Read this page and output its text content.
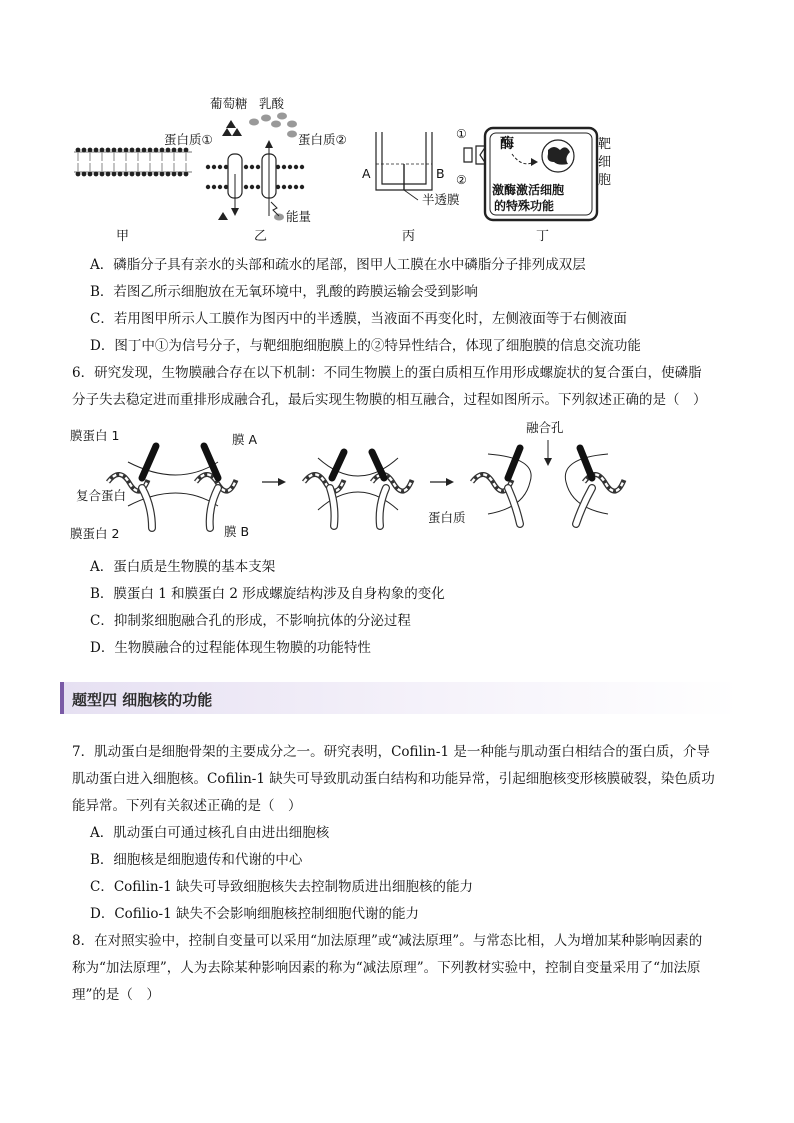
葡萄糖 乳酸
蛋白质①	蛋白质②
能量
A	B
半透膜
①
②
酶
激酶激活细胞
的特殊功能
靶
细
胞
甲	乙	丙	丁
A．磷脂分子具有亲水的头部和疏水的尾部，图甲人工膜在水中磷脂分子排列成双层
B．若图乙所示细胞放在无氧环境中，乳酸的跨膜运输会受到影响
C．若用图甲所示人工膜作为图丙中的半透膜，当液面不再变化时，左侧液面等于右侧液面
D．图丁中①为信号分子，与靶细胞细胞膜上的②特异性结合，体现了细胞膜的信息交流功能
6．研究发现，生物膜融合存在以下机制：不同生物膜上的蛋白质相互作用形成螺旋状的复合蛋白，使磷脂
分子失去稳定进而重排形成融合孔，最后实现生物膜的相互融合，过程如图所示。下列叙述正确的是（　）
膜蛋白 1	膜 A
复合蛋白
膜蛋白 2	膜 B
融合孔
蛋白质
A．蛋白质是生物膜的基本支架
B．膜蛋白 1 和膜蛋白 2 形成螺旋结构涉及自身构象的变化
C．抑制浆细胞融合孔的形成，不影响抗体的分泌过程
D．生物膜融合的过程能体现生物膜的功能特性
题型四 细胞核的功能
7．肌动蛋白是细胞骨架的主要成分之一。研究表明，Cofilin-1 是一种能与肌动蛋白相结合的蛋白质，介导
肌动蛋白进入细胞核。Cofilin-1 缺失可导致肌动蛋白结构和功能异常，引起细胞核变形核膜破裂，染色质功
能异常。下列有关叙述正确的是（　）
A．肌动蛋白可通过核孔自由进出细胞核
B．细胞核是细胞遗传和代谢的中心
C．Cofilin-1 缺失可导致细胞核失去控制物质进出细胞核的能力
D．Cofilio-1 缺失不会影响细胞核控制细胞代谢的能力
8．在对照实验中，控制自变量可以采用“加法原理”或“减法原理”。与常态比相，人为增加某种影响因素的
称为“加法原理”，人为去除某种影响因素的称为“减法原理”。下列教材实验中，控制自变量采用了“加法原
理”的是（　）
